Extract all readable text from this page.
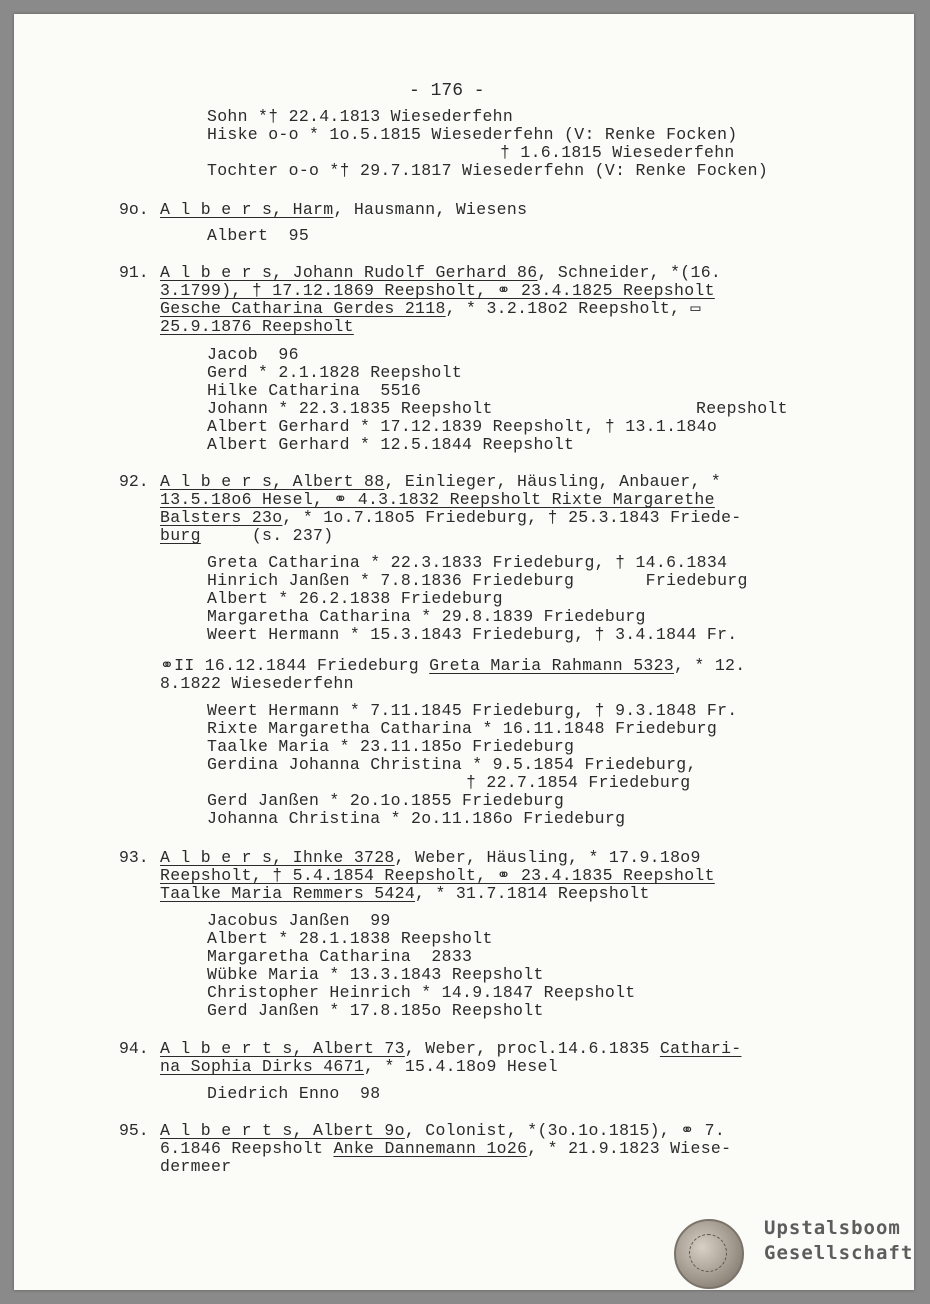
- 176 -
Sohn *† 22.4.1813 Wiesederfehn
Hiske o-o * 1o.5.1815 Wiesederfehn (V: Renke Focken)
† 1.6.1815 Wiesederfehn
Tochter o-o *† 29.7.1817 Wiesederfehn (V: Renke Focken)
9o. A l b e r s, Harm, Hausmann, Wiesens
Albert  95
91. A l b e r s, Johann Rudolf Gerhard 86, Schneider, *(16.
3.1799), † 17.12.1869 Reepsholt, ⚭ 23.4.1825 Reepsholt
Gesche Catharina Gerdes 2118, * 3.2.18o2 Reepsholt, ▭
25.9.1876 Reepsholt
Jacob  96
Gerd * 2.1.1828 Reepsholt
Hilke Catharina  5516
Johann * 22.3.1835 Reepsholt	Reepsholt
Albert Gerhard * 17.12.1839 Reepsholt, † 13.1.184o
Albert Gerhard * 12.5.1844 Reepsholt
92. A l b e r s, Albert 88, Einlieger, Häusling, Anbauer, *
13.5.18o6 Hesel, ⚭ 4.3.1832 Reepsholt Rixte Margarethe
Balsters 23o, * 1o.7.18o5 Friedeburg, † 25.3.1843 Friede-
burg     (s. 237)
Greta Catharina * 22.3.1833 Friedeburg, † 14.6.1834
Hinrich Janßen * 7.8.1836 Friedeburg       Friedeburg
Albert * 26.2.1838 Friedeburg
Margaretha Catharina * 29.8.1839 Friedeburg
Weert Hermann * 15.3.1843 Friedeburg, † 3.4.1844 Fr.
⚭II 16.12.1844 Friedeburg Greta Maria Rahmann 5323, * 12.
8.1822 Wiesederfehn
Weert Hermann * 7.11.1845 Friedeburg, † 9.3.1848 Fr.
Rixte Margaretha Catharina * 16.11.1848 Friedeburg
Taalke Maria * 23.11.185o Friedeburg
Gerdina Johanna Christina * 9.5.1854 Friedeburg,
† 22.7.1854 Friedeburg
Gerd Janßen * 2o.1o.1855 Friedeburg
Johanna Christina * 2o.11.186o Friedeburg
93. A l b e r s, Ihnke 3728, Weber, Häusling, * 17.9.18o9
Reepsholt, † 5.4.1854 Reepsholt, ⚭ 23.4.1835 Reepsholt
Taalke Maria Remmers 5424, * 31.7.1814 Reepsholt
Jacobus Janßen  99
Albert * 28.1.1838 Reepsholt
Margaretha Catharina  2833
Wübke Maria * 13.3.1843 Reepsholt
Christopher Heinrich * 14.9.1847 Reepsholt
Gerd Janßen * 17.8.185o Reepsholt
94. A l b e r t s, Albert 73, Weber, procl.14.6.1835 Cathari-
na Sophia Dirks 4671, * 15.4.18o9 Hesel
Diedrich Enno  98
95. A l b e r t s, Albert 9o, Colonist, *(3o.1o.1815), ⚭ 7.
6.1846 Reepsholt Anke Dannemann 1o26, * 21.9.1823 Wiese-
dermeer
Upstalsboom
Gesellschaft
